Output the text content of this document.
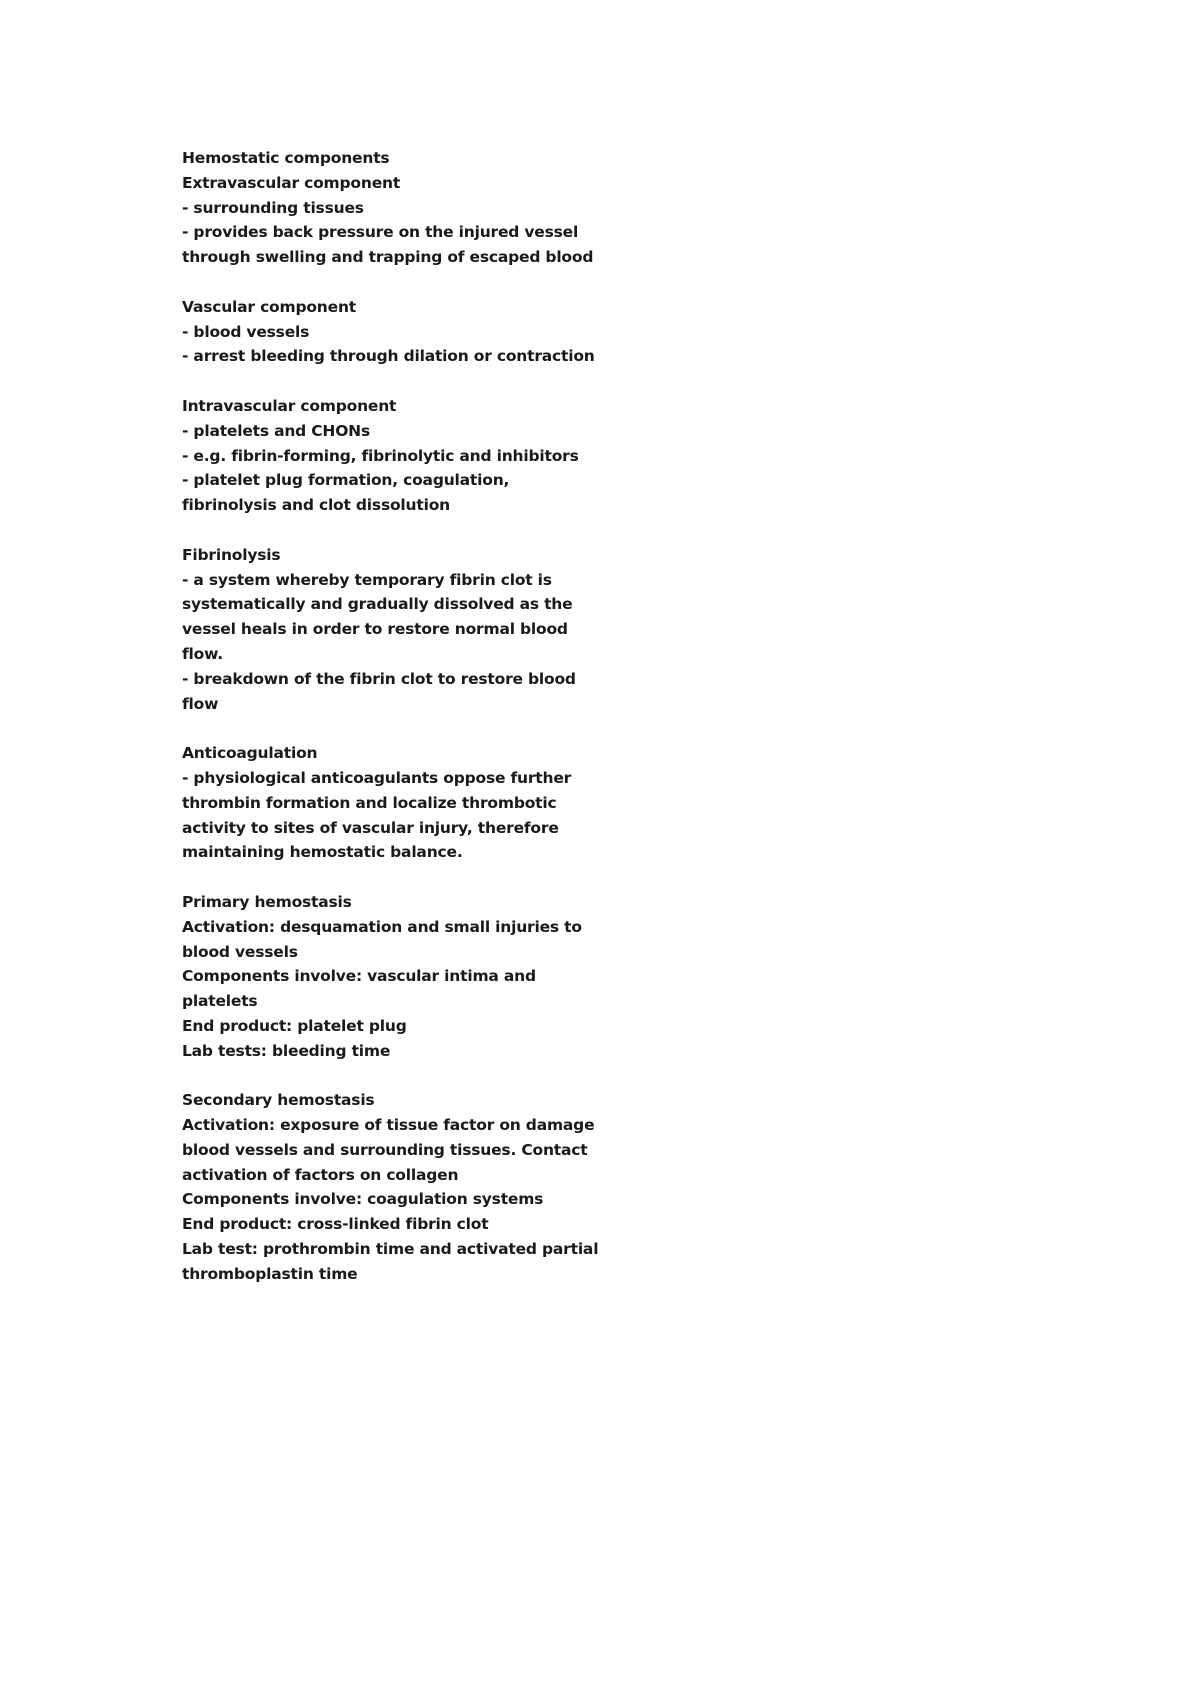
Hemostatic components
Extravascular component
- surrounding tissues
- provides back pressure on the injured vessel
through swelling and trapping of escaped blood
Vascular component
- blood vessels
- arrest bleeding through dilation or contraction
Intravascular component
- platelets and CHONs
- e.g. fibrin-forming, fibrinolytic and inhibitors
- platelet plug formation, coagulation,
fibrinolysis and clot dissolution
Fibrinolysis
- a system whereby temporary fibrin clot is
systematically and gradually dissolved as the
vessel heals in order to restore normal blood
flow.
- breakdown of the fibrin clot to restore blood
flow
Anticoagulation
- physiological anticoagulants oppose further
thrombin formation and localize thrombotic
activity to sites of vascular injury, therefore
maintaining hemostatic balance.
Primary hemostasis
Activation: desquamation and small injuries to
blood vessels
Components involve: vascular intima and
platelets
End product: platelet plug
Lab tests: bleeding time
Secondary hemostasis
Activation: exposure of tissue factor on damage
blood vessels and surrounding tissues. Contact
activation of factors on collagen
Components involve: coagulation systems
End product: cross-linked fibrin clot
Lab test: prothrombin time and activated partial
thromboplastin time
